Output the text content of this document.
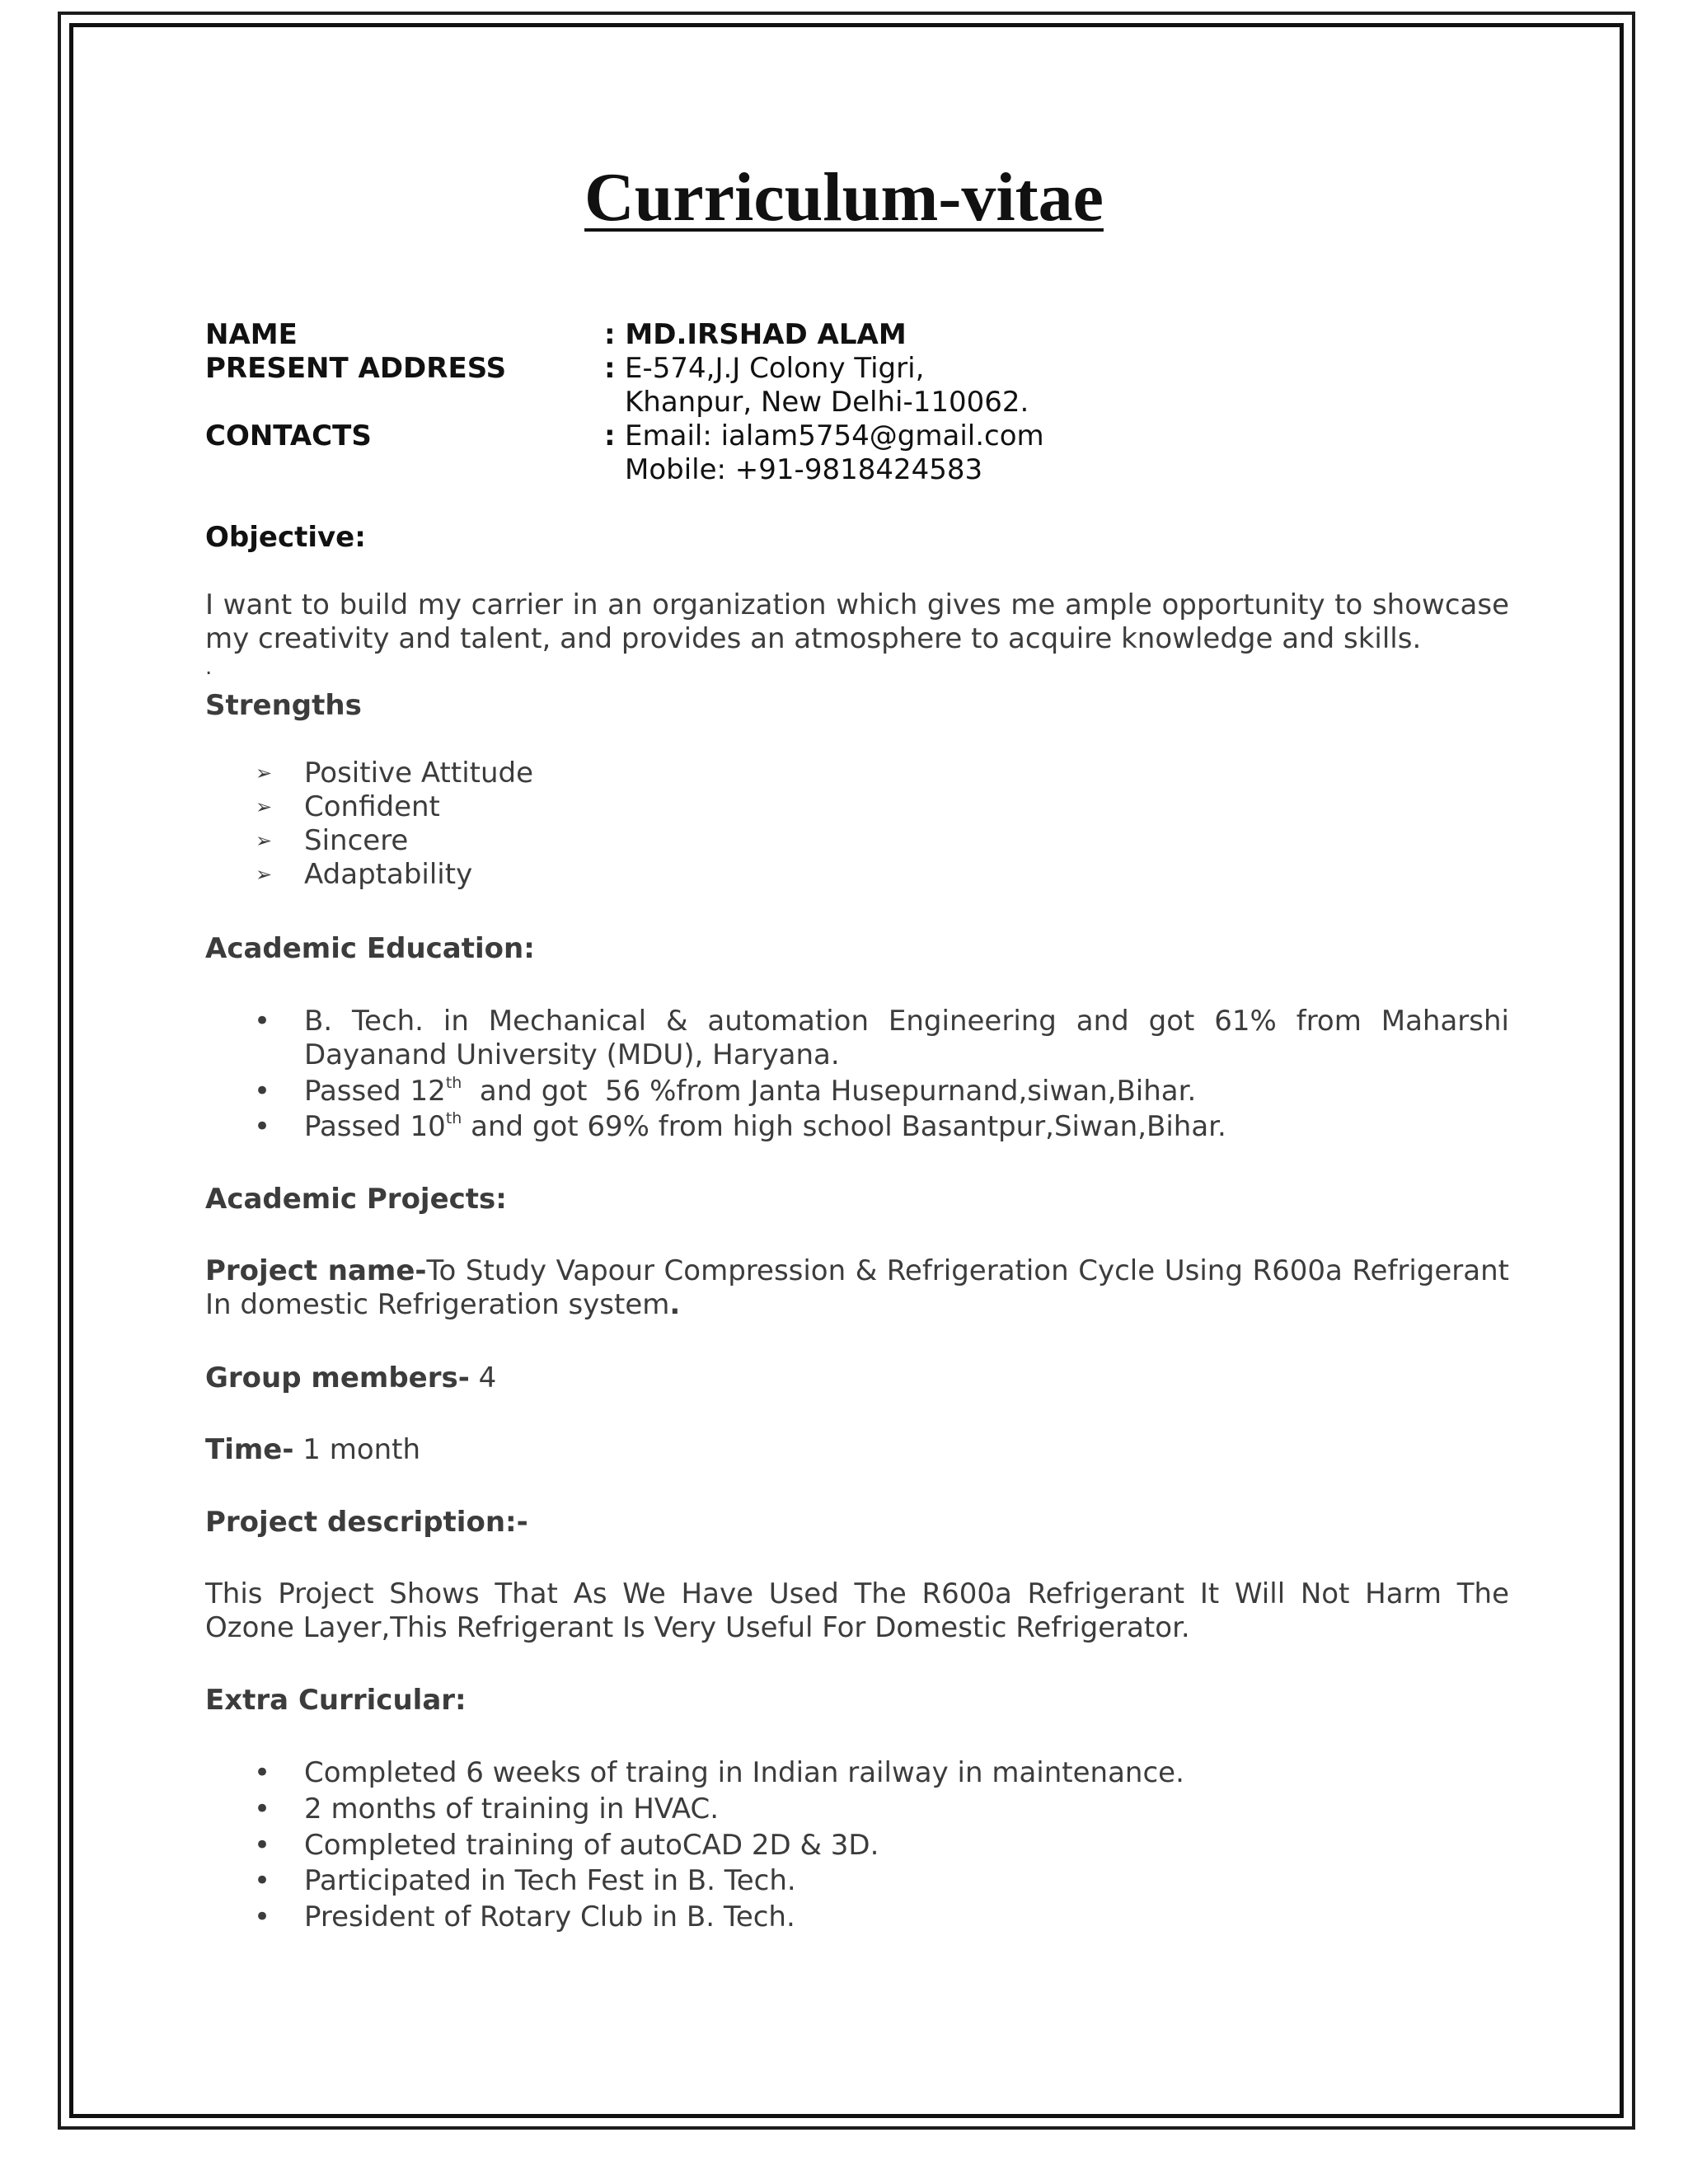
Curriculum-vitae
NAME	: MD.IRSHAD ALAM
PRESENT ADDRESS	: E-574,J.J Colony Tigri,
Khanpur, New Delhi-110062.
CONTACTS	: Email: ialam5754@gmail.com
Mobile: +91-9818424583
Objective:
I want to build my carrier in an organization which gives me ample opportunity to showcase my creativity and talent, and provides an atmosphere to acquire knowledge and skills.
.
Strengths
➢ Positive Attitude
➢ Confident
➢ Sincere
➢ Adaptability
Academic Education:
• B. Tech. in Mechanical & automation Engineering and got 61% from Maharshi Dayanand University (MDU), Haryana.
• Passed 12th  and got  56 %from Janta Husepurnand,siwan,Bihar.
• Passed 10th and got 69% from high school Basantpur,Siwan,Bihar.
Academic Projects:
Project name-To Study Vapour Compression & Refrigeration Cycle Using R600a Refrigerant In domestic Refrigeration system.
Group members- 4
Time- 1 month
Project description:-
This Project Shows That As We Have Used The R600a Refrigerant It Will Not Harm The Ozone Layer,This Refrigerant Is Very Useful For Domestic Refrigerator.
Extra Curricular:
• Completed 6 weeks of traing in Indian railway in maintenance.
• 2 months of training in HVAC.
• Completed training of autoCAD 2D & 3D.
• Participated in Tech Fest in B. Tech.
• President of Rotary Club in B. Tech.
